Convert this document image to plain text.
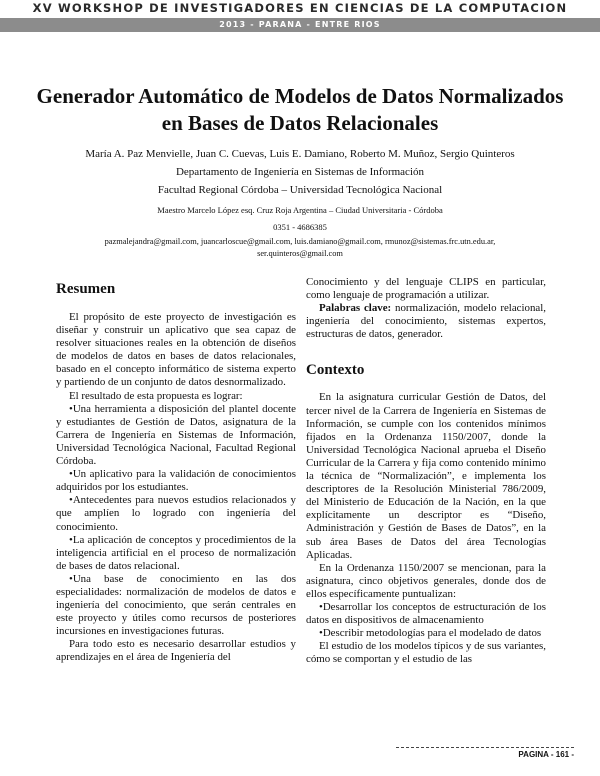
XV WORKSHOP DE INVESTIGADORES EN CIENCIAS DE LA COMPUTACION
2013 - PARANA - ENTRE RIOS
Generador Automático de Modelos de Datos Normalizados
en Bases de Datos Relacionales
María A. Paz Menvielle, Juan C. Cuevas, Luis E. Damiano, Roberto M. Muñoz, Sergio Quinteros
Departamento de Ingeniería en Sistemas de Información
Facultad Regional Córdoba – Universidad Tecnológica Nacional
Maestro Marcelo López esq. Cruz Roja Argentina – Ciudad Universitaria - Córdoba
0351 - 4686385
pazmalejandra@gmail.com, juancarloscue@gmail.com, luis.damiano@gmail.com, rmunoz@sistemas.frc.utn.edu.ar,
ser.quinteros@gmail.com
Resumen

El propósito de este proyecto de investigación es diseñar y construir un aplicativo que sea capaz de resolver situaciones reales en la obtención de diseños de modelos de datos en bases de datos relacionales, basado en el concepto informático de sistema experto y partiendo de un conjunto de datos desnormalizado.

El resultado de esta propuesta es lograr:

•Una herramienta a disposición del plantel docente y estudiantes de Gestión de Datos, asignatura de la Carrera de Ingeniería en Sistemas de Información, Universidad Tecnológica Nacional, Facultad Regional Córdoba.

•Un aplicativo para la validación de conocimientos adquiridos por los estudiantes.

•Antecedentes para nuevos estudios relacionados y que amplíen lo logrado con ingeniería del conocimiento.

•La aplicación de conceptos y procedimientos de la inteligencia artificial en el proceso de normalización de bases de datos relacional.

•Una base de conocimiento en las dos especialidades: normalización de modelos de datos e ingeniería del conocimiento, que serán centrales en este proyecto y útiles como recursos de posteriores incursiones en investigaciones futuras.

Para todo esto es necesario desarrollar estudios y aprendizajes en el área de Ingeniería del

Conocimiento y del lenguaje CLIPS en particular, como lenguaje de programación a utilizar.

Palabras clave: normalización, modelo relacional, ingeniería del conocimiento, sistemas expertos, estructuras de datos, generador.

Contexto

En la asignatura curricular Gestión de Datos, del tercer nivel de la Carrera de Ingeniería en Sistemas de Información, se cumple con los contenidos mínimos fijados en la Ordenanza 1150/2007, donde la Universidad Tecnológica Nacional aprueba el Diseño Curricular de la Carrera y fija como contenido mínimo la técnica de “Normalización”, e implementa los descriptores de la Resolución Ministerial 786/2009, del Ministerio de Educación de la Nación, en la que explícitamente un descriptor es “Diseño, Administración y Gestión de Bases de Datos”, en la sub área Bases de Datos del área Tecnologías Aplicadas.

En la Ordenanza 1150/2007 se mencionan, para la asignatura, cinco objetivos generales, donde dos de ellos específicamente puntualizan:

•Desarrollar los conceptos de estructuración de los datos en dispositivos de almacenamiento

•Describir metodologías para el modelado de datos

El estudio de los modelos típicos y de sus variantes, cómo se comportan y el estudio de las

PAGINA - 161 -
